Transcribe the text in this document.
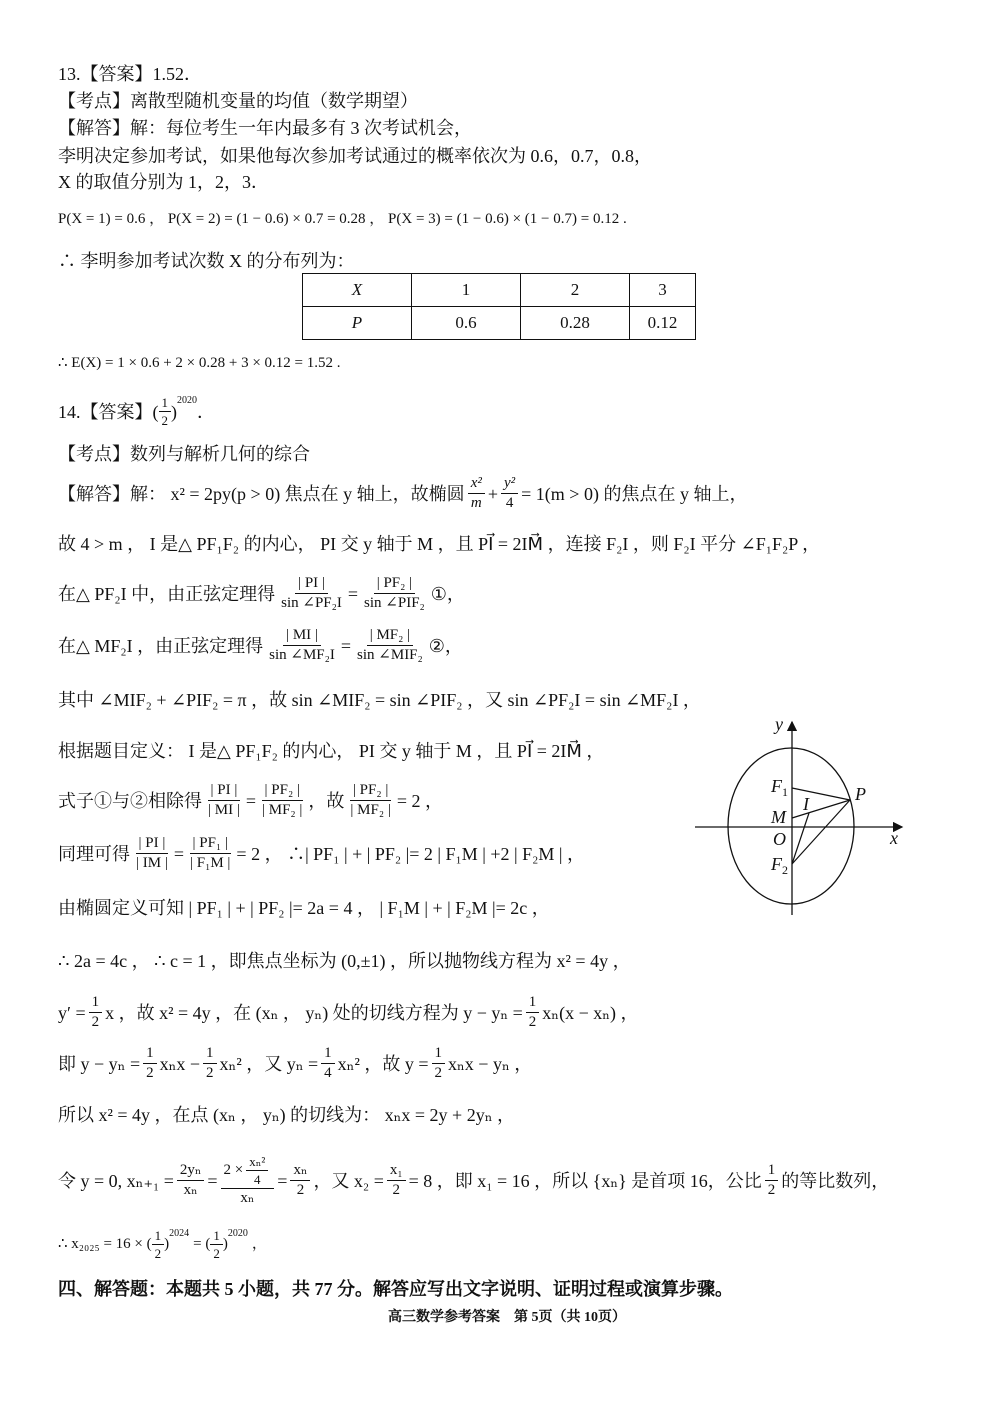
13.【答案】1.52．
【考点】离散型随机变量的均值（数学期望）
【解答】解：每位考生一年内最多有 3 次考试机会，
李明决定参加考试，如果他每次参加考试通过的概率依次为 0.6，0.7，0.8，
X 的取值分别为 1，2，3．
P(X = 1) = 0.6 ， P(X = 2) = (1 − 0.6) × 0.7 = 0.28 ， P(X = 3) = (1 − 0.6) × (1 − 0.7) = 0.12 .
∴ 李明参加考试次数 X 的分布列为：
X	1	2	3
P	0.6	0.28	0.12
∴ E(X) = 1 × 0.6 + 2 × 0.28 + 3 × 0.12 = 1.52 .
14.【答案】( $\frac{1}{2}$ )
$^{2020}$
．
【考点】数列与解析几何的综合
【解答】解： x² = 2py(p > 0) 焦点在 y 轴上，故椭圆 $\frac{\text{x²}}{m} + \frac{\text{y²}}{4} = 1(m > 0)$ 的焦点在 y 轴上，
故 4 > m ， I 是△ PF₁F₂ 的内心， PI 交 y 轴于 M ，且 PI⃗ = 2IM⃗ ，连接 F₂I ，则 F₂I 平分 ∠F₁F₂P ，
在△ PF₂I 中，由正弦定理得 $\frac{| PI |}{\text{sin ∠PF₂I}} = \frac{\text{| PF₂ |}}{\text{sin ∠PIF₂}}$ ①，
在△ MF₂I ，由正弦定理得 $\frac{| MI |}{\text{sin ∠MF₂I}} = \frac{\text{| MF₂ |}}{\text{sin ∠MIF₂}}$ ②，
其中 ∠MIF₂ + ∠PIF₂ = π ，故 sin ∠MIF₂ = sin ∠PIF₂ ，又 sin ∠PF₂I = sin ∠MF₂I ，
根据题目定义： I 是△ PF₁F₂ 的内心， PI 交 y 轴于 M ，且 PI⃗ = 2IM⃗ ，
式子①与②相除得 $\frac{| PI |}{| MI |} = \frac{\text{| PF₂ |}}{\text{| MF₂ |}}$ ，故 $\frac{\text{| PF₂ |}}{\text{| MF₂ |}} = 2$ ，
同理可得 $\frac{| PI |}{| IM |} = \frac{\text{| PF₁ |}}{\text{| F₁M |}} = 2$ ， ∴| PF₁ | + | PF₂ |= 2 | F₁M | +2 | F₂M | ，
由椭圆定义可知 | PF₁ | + | PF₂ |= 2a = 4 ， | F₁M | + | F₂M |= 2c ，
∴ 2a = 4c ， ∴ c = 1 ，即焦点坐标为 (0,±1) ，所以抛物线方程为 x² = 4y ，
$y' = \frac{1}{2}$ x ，故 x² = 4y ，在 (xₙ ， yₙ) 处的切线方程为 $y - y_n = \frac{1}{2} x_n(x - x_n)$ ，
即 $y - y_n = \frac{1}{2}$ $x_nx - \frac{1}{2} x_n^2$ ，又 $y_n = \frac{1}{4} x_n^2$ ，故 $y = \frac{1}{2}$ xₙx − yₙ ，
所以 x² = 4y ，在点 (xₙ ， yₙ) 的切线为： xₙx = 2y + 2yₙ ，
令 y = 0, $x_{n+1} = \frac{\text{2yₙ}}{\text{xₙ}} = \frac{2 \times \frac{\text{xₙ²}}{4}}{\text{xₙ}} = \frac{\text{xₙ}}{2}$ ，又 $x_2 = \frac{\text{x₁}}{2} = 8$ ，即 x₁ = 16 ，所以 {xₙ} 是首项 16，公比 $\frac{1}{2}$ 的等比数列，
∴ x₂₀₂₅ = 16 × ( $\frac{1}{2}$ )
$^{2024}$
= ( $\frac{1}{2}$ )
$^{2020}$
，
四、解答题：本题共 5 小题，共 77 分。解答应写出文字说明、证明过程或演算步骤。
高三数学参考答案　第 5页（共 10页）
y
x
O
$F_1$
$F_2$
M
I	P
